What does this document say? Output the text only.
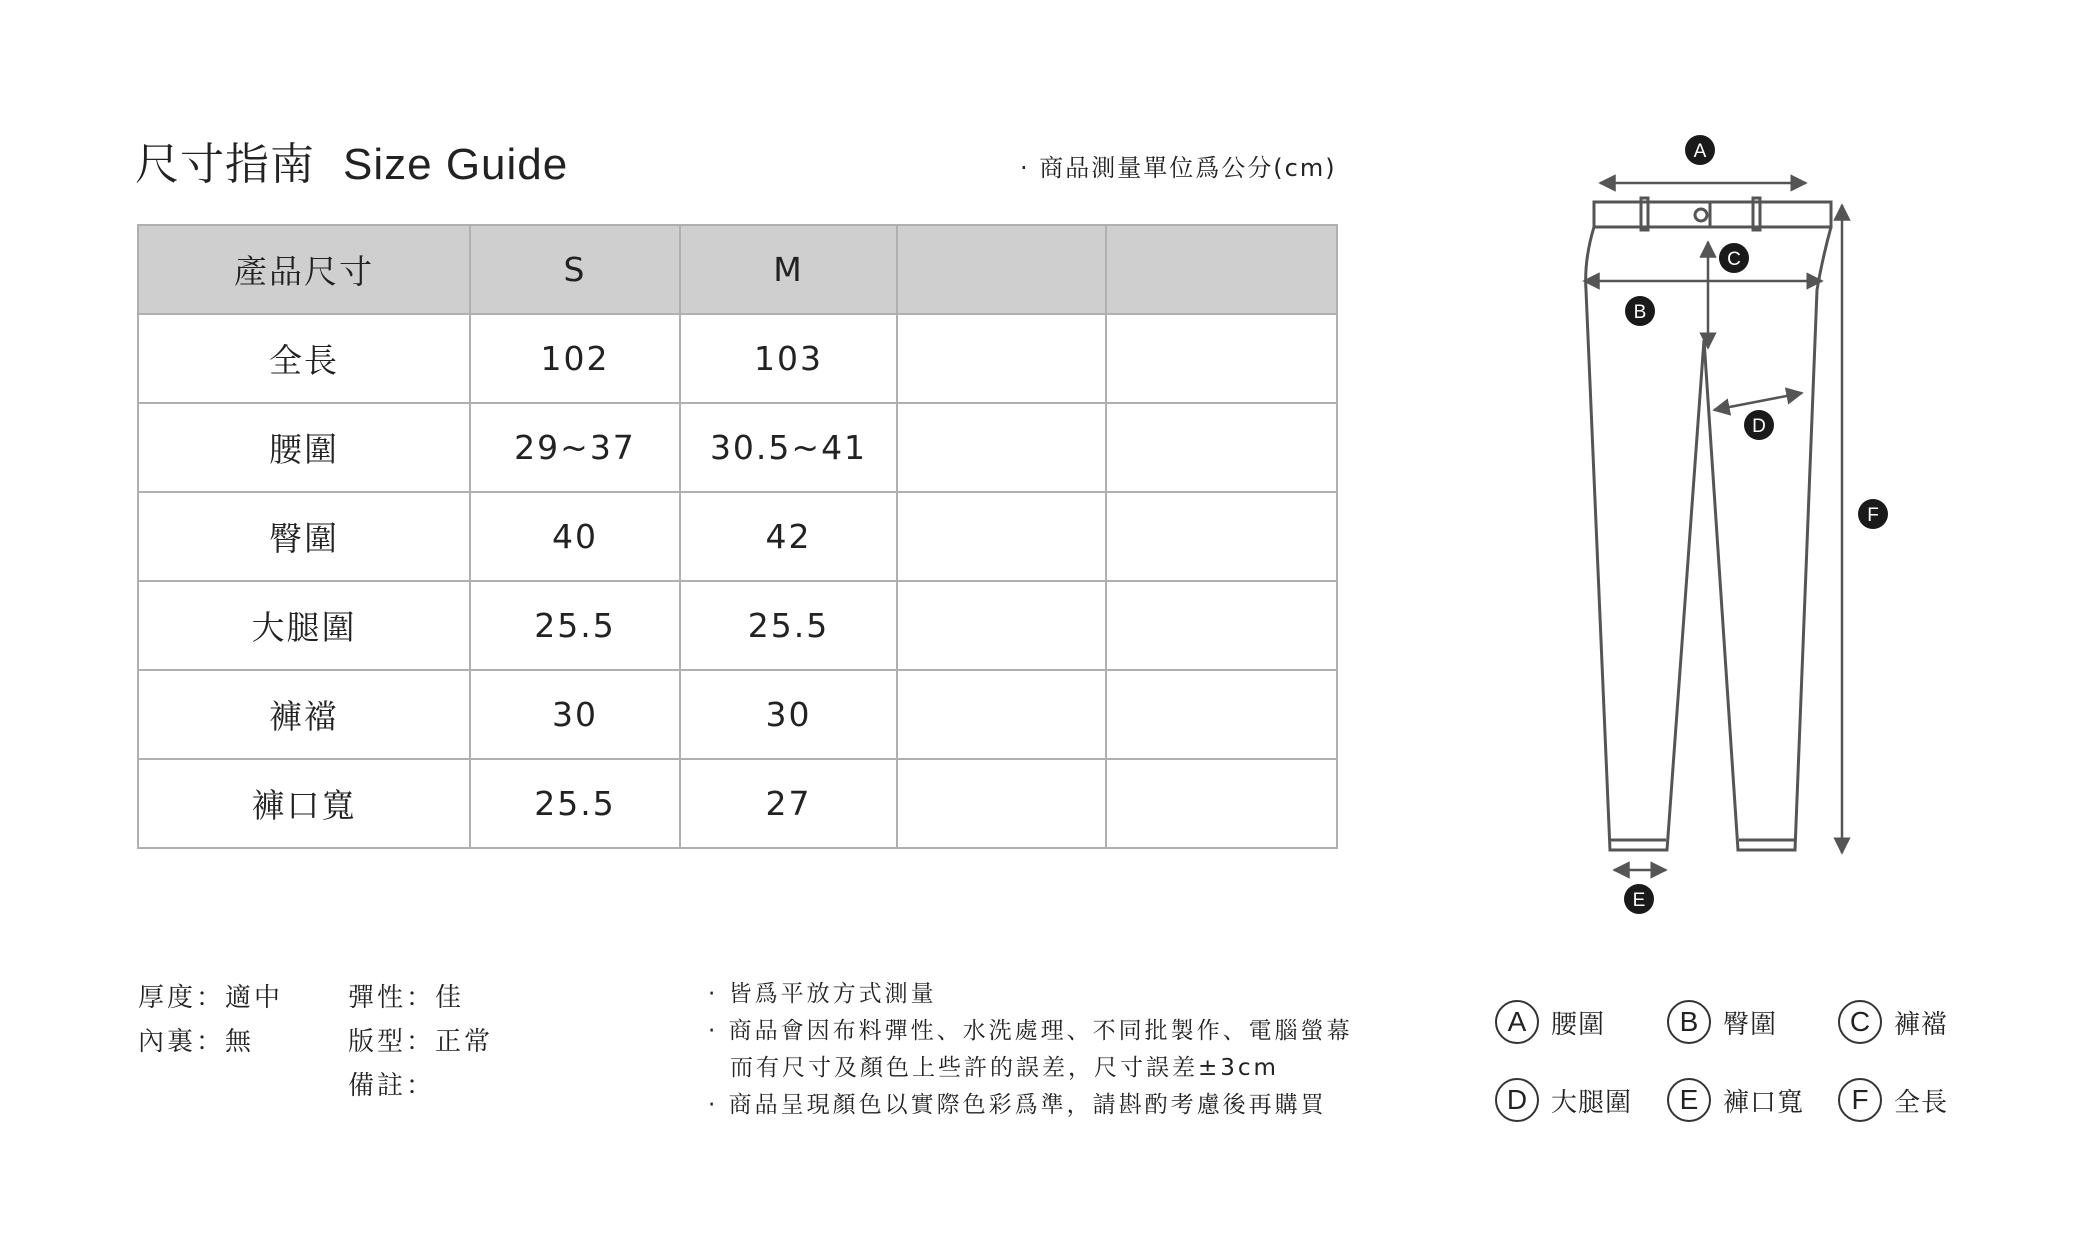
尺寸指南 Size Guide	· 商品測量單位爲公分(cm)
產品尺寸	S	M		
全長	102	103		
腰圍	29~37	30.5~41		
臀圍	40	42		
大腿圍	25.5	25.5		
褲襠	30	30		
褲口寬	25.5	27		
厚度：適中
內裏：無
彈性：佳
版型：正常
備註：
· 皆爲平放方式測量
· 商品會因布料彈性、水洗處理、不同批製作、電腦螢幕
而有尺寸及顏色上些許的誤差，尺寸誤差±3cm
· 商品呈現顏色以實際色彩爲準，請斟酌考慮後再購買
A
B
C
D
E
F
A 腰圍	B 臀圍	C 褲襠
D 大腿圍	E 褲口寬	F 全長
